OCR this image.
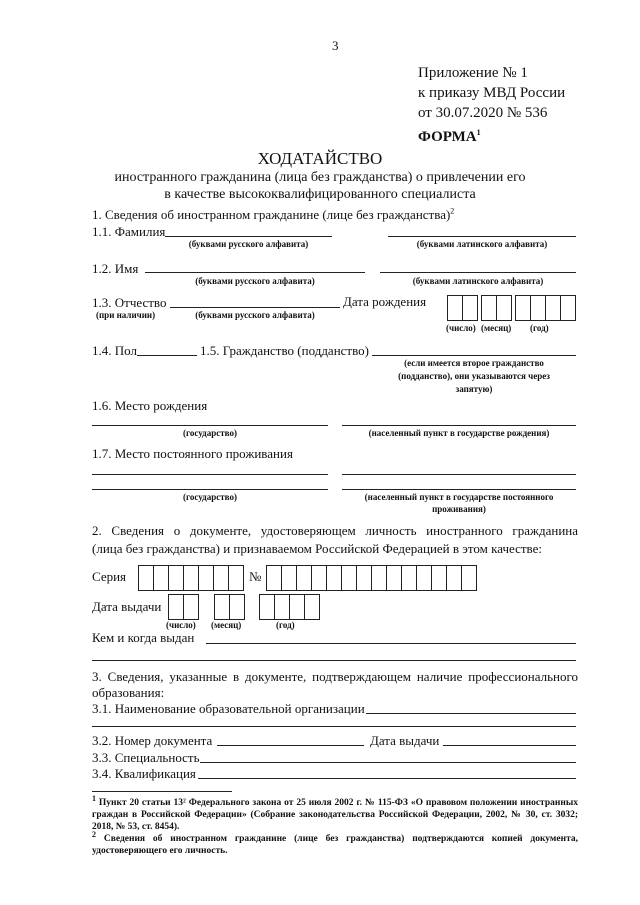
3
Приложение № 1
к приказу МВД России
от 30.07.2020 № 536
ФОРМА$^1$
ХОДАТАЙСТВО
иностранного гражданина (лица без гражданства) о привлечении его
в качестве высококвалифицированного специалиста
1. Сведения об иностранном гражданине (лице без гражданства)$^2$
1.1. Фамилия
(буквами русского алфавита)	(буквами латинского алфавита)
1.2. Имя
(буквами русского алфавита)	(буквами латинского алфавита)
1.3. Отчество	Дата рождения
(при наличии)	(буквами русского алфавита)
(число) (месяц) (год)
1.4. Пол	1.5. Гражданство (подданство)
(если имеется второе гражданство
(подданство), они указываются через
запятую)
1.6. Место рождения
(государство)	(населенный пункт в государстве рождения)
1.7. Место постоянного проживания
(государство)	(населенный пункт в государстве постоянного
проживания)
2. Сведения о документе, удостоверяющем личность иностранного гражданина
(лица без гражданства) и признаваемом Российской Федерацией в этом качестве:
Серия	№
Дата выдачи
(число) (месяц)	(год)
Кем и когда выдан
3. Сведения, указанные в документе, подтверждающем наличие профессионального
образования:
3.1. Наименование образовательной организации
3.2. Номер документа	Дата выдачи
3.3. Специальность
3.4. Квалификация
$^1$ Пункт 20 статьи 13² Федерального закона от 25 июля 2002 г. № 115-ФЗ «О правовом положении иностранных граждан в Российской Федерации» (Собрание законодательства Российской Федерации, 2002, № 30, ст. 3032; 2018, № 53, ст. 8454).
$^2$ Сведения об иностранном гражданине (лице без гражданства) подтверждаются копией документа, удостоверяющего его личность.
